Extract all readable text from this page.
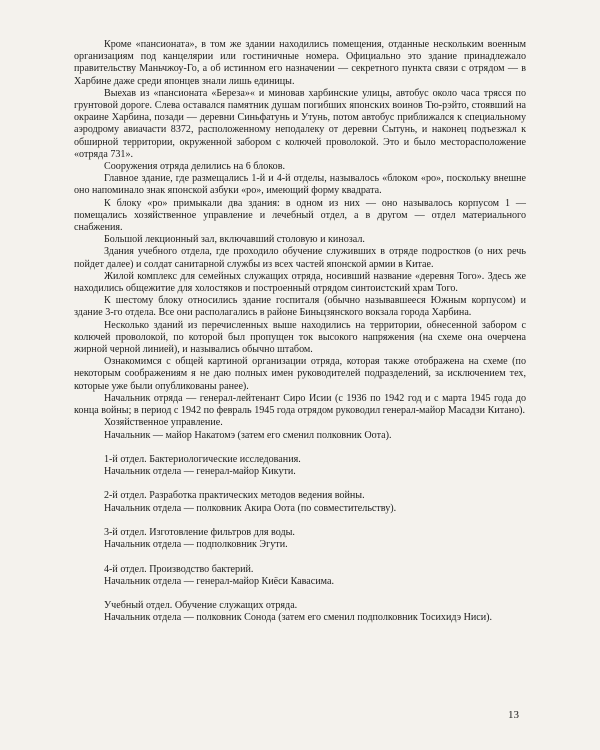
Кроме «пансионата», в том же здании находились помещения, отданные нескольким военным организациям под канцелярии или гостиничные номера. Официально это здание принадлежало правительству Маньчжоу-Го, а об истинном его назначении — секретного пункта связи с отрядом — в Харбине даже среди японцев знали лишь единицы.

Выехав из «пансионата «Береза»« и миновав харбинские улицы, автобус около часа трясся по грунтовой дороге. Слева оставался памятник душам погибших японских воинов Тю-рэйто, стоявший на окраине Харбина, позади — деревни Синьфатунь и Утунь, потом автобус приближался к специальному аэродрому авиачасти 8372, расположенному неподалеку от деревни Сытунь, и наконец подъезжал к обширной территории, окруженной забором с колючей проволокой. Это и было месторасположение «отряда 731».

Сооружения отряда делились на 6 блоков.

Главное здание, где размещались 1-й и 4-й отделы, называлось «блоком «ро», поскольку внешне оно напоминало знак японской азбуки «ро», имеющий форму квадрата.

К блоку «ро» примыкали два здания: в одном из них — оно называлось корпусом 1 — помещались хозяйственное управление и лечебный отдел, а в другом — отдел материального снабжения.

Большой лекционный зал, включавший столовую и кинозал.

Здания учебного отдела, где проходило обучение служивших в отряде подростков (о них речь пойдет далее) и солдат санитарной службы из всех частей японской армии в Китае.

Жилой комплекс для семейных служащих отряда, носивший название «деревня Того». Здесь же находились общежитие для холостяков и построенный отрядом синтоистский храм Того.

К шестому блоку относились здание госпиталя (обычно называвшееся Южным корпусом) и здание 3-го отдела. Все они располагались в районе Биньцзянского вокзала города Харбина.

Несколько зданий из перечисленных выше находились на территории, обнесенной забором с колючей проволокой, по которой был пропущен ток высокого напряжения (на схеме она очерчена жирной черной линией), и назывались обычно штабом.

Ознакомимся с общей картиной организации отряда, которая также отображена на схеме (по некоторым соображениям я не даю полных имен руководителей подразделений, за исключением тех, которые уже были опубликованы ранее).

Начальник отряда — генерал-лейтенант Сиро Исии (с 1936 по 1942 год и с марта 1945 года до конца войны; в период с 1942 по февраль 1945 года отрядом руководил генерал-майор Масадзи Китано).

Хозяйственное управление.
Начальник — майор Накатомэ (затем его сменил полковник Оота).
1-й отдел. Бактериологические исследования.
Начальник отдела — генерал-майор Кикути.
2-й отдел. Разработка практических методов ведения войны.
Начальник отдела — полковник Акира Оота (по совместительству).
3-й отдел. Изготовление фильтров для воды.
Начальник отдела — подполковник Эгути.
4-й отдел. Производство бактерий.
Начальник отдела — генерал-майор Киёси Кавасима.
Учебный отдел. Обучение служащих отряда.
Начальник отдела — полковник Сонода (затем его сменил подполковник Тосихидэ Ниси).
13
